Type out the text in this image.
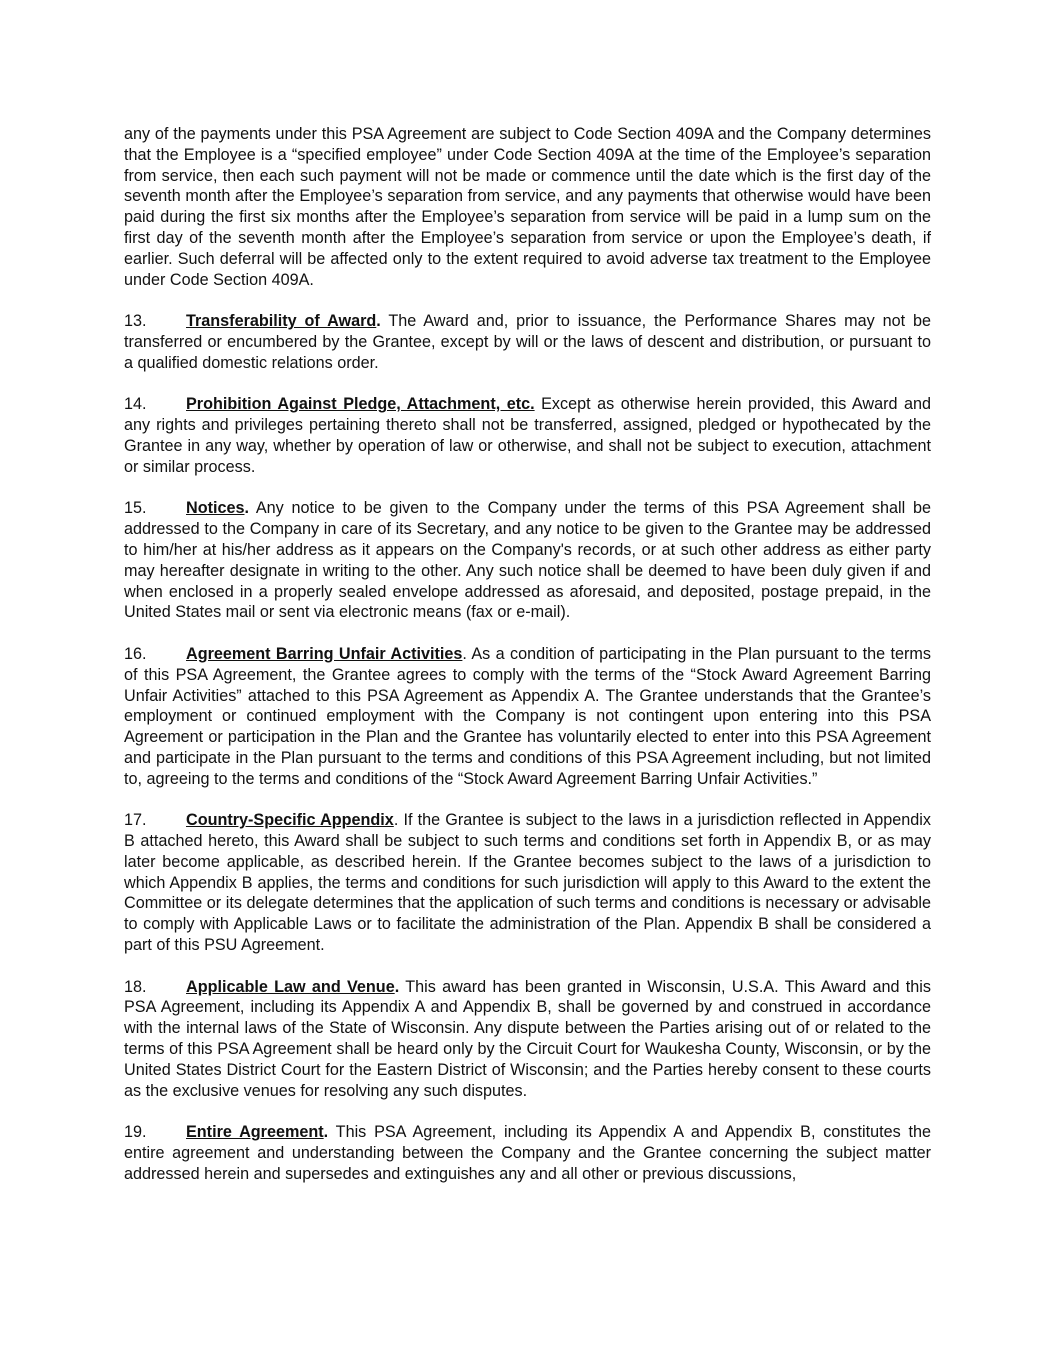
any of the payments under this PSA Agreement are subject to Code Section 409A and the Company determines that the Employee is a “specified employee” under Code Section 409A at the time of the Employee’s separation from service, then each such payment will not be made or commence until the date which is the first day of the seventh month after the Employee’s separation from service, and any payments that otherwise would have been paid during the first six months after the Employee’s separation from service will be paid in a lump sum on the first day of the seventh month after the Employee’s separation from service or upon the Employee’s death, if earlier. Such deferral will be affected only to the extent required to avoid adverse tax treatment to the Employee under Code Section 409A.

13. Transferability of Award. The Award and, prior to issuance, the Performance Shares may not be transferred or encumbered by the Grantee, except by will or the laws of descent and distribution, or pursuant to a qualified domestic relations order.

14. Prohibition Against Pledge, Attachment, etc. Except as otherwise herein provided, this Award and any rights and privileges pertaining thereto shall not be transferred, assigned, pledged or hypothecated by the Grantee in any way, whether by operation of law or otherwise, and shall not be subject to execution, attachment or similar process.

15. Notices. Any notice to be given to the Company under the terms of this PSA Agreement shall be addressed to the Company in care of its Secretary, and any notice to be given to the Grantee may be addressed to him/her at his/her address as it appears on the Company's records, or at such other address as either party may hereafter designate in writing to the other. Any such notice shall be deemed to have been duly given if and when enclosed in a properly sealed envelope addressed as aforesaid, and deposited, postage prepaid, in the United States mail or sent via electronic means (fax or e-mail).

16. Agreement Barring Unfair Activities. As a condition of participating in the Plan pursuant to the terms of this PSA Agreement, the Grantee agrees to comply with the terms of the “Stock Award Agreement Barring Unfair Activities” attached to this PSA Agreement as Appendix A. The Grantee understands that the Grantee’s employment or continued employment with the Company is not contingent upon entering into this PSA Agreement or participation in the Plan and the Grantee has voluntarily elected to enter into this PSA Agreement and participate in the Plan pursuant to the terms and conditions of this PSA Agreement including, but not limited to, agreeing to the terms and conditions of the “Stock Award Agreement Barring Unfair Activities.”

17. Country-Specific Appendix. If the Grantee is subject to the laws in a jurisdiction reflected in Appendix B attached hereto, this Award shall be subject to such terms and conditions set forth in Appendix B, or as may later become applicable, as described herein. If the Grantee becomes subject to the laws of a jurisdiction to which Appendix B applies, the terms and conditions for such jurisdiction will apply to this Award to the extent the Committee or its delegate determines that the application of such terms and conditions is necessary or advisable to comply with Applicable Laws or to facilitate the administration of the Plan. Appendix B shall be considered a part of this PSU Agreement.

18. Applicable Law and Venue. This award has been granted in Wisconsin, U.S.A. This Award and this PSA Agreement, including its Appendix A and Appendix B, shall be governed by and construed in accordance with the internal laws of the State of Wisconsin. Any dispute between the Parties arising out of or related to the terms of this PSA Agreement shall be heard only by the Circuit Court for Waukesha County, Wisconsin, or by the United States District Court for the Eastern District of Wisconsin; and the Parties hereby consent to these courts as the exclusive venues for resolving any such disputes.

19. Entire Agreement. This PSA Agreement, including its Appendix A and Appendix B, constitutes the entire agreement and understanding between the Company and the Grantee concerning the subject matter addressed herein and supersedes and extinguishes any and all other or previous discussions,
